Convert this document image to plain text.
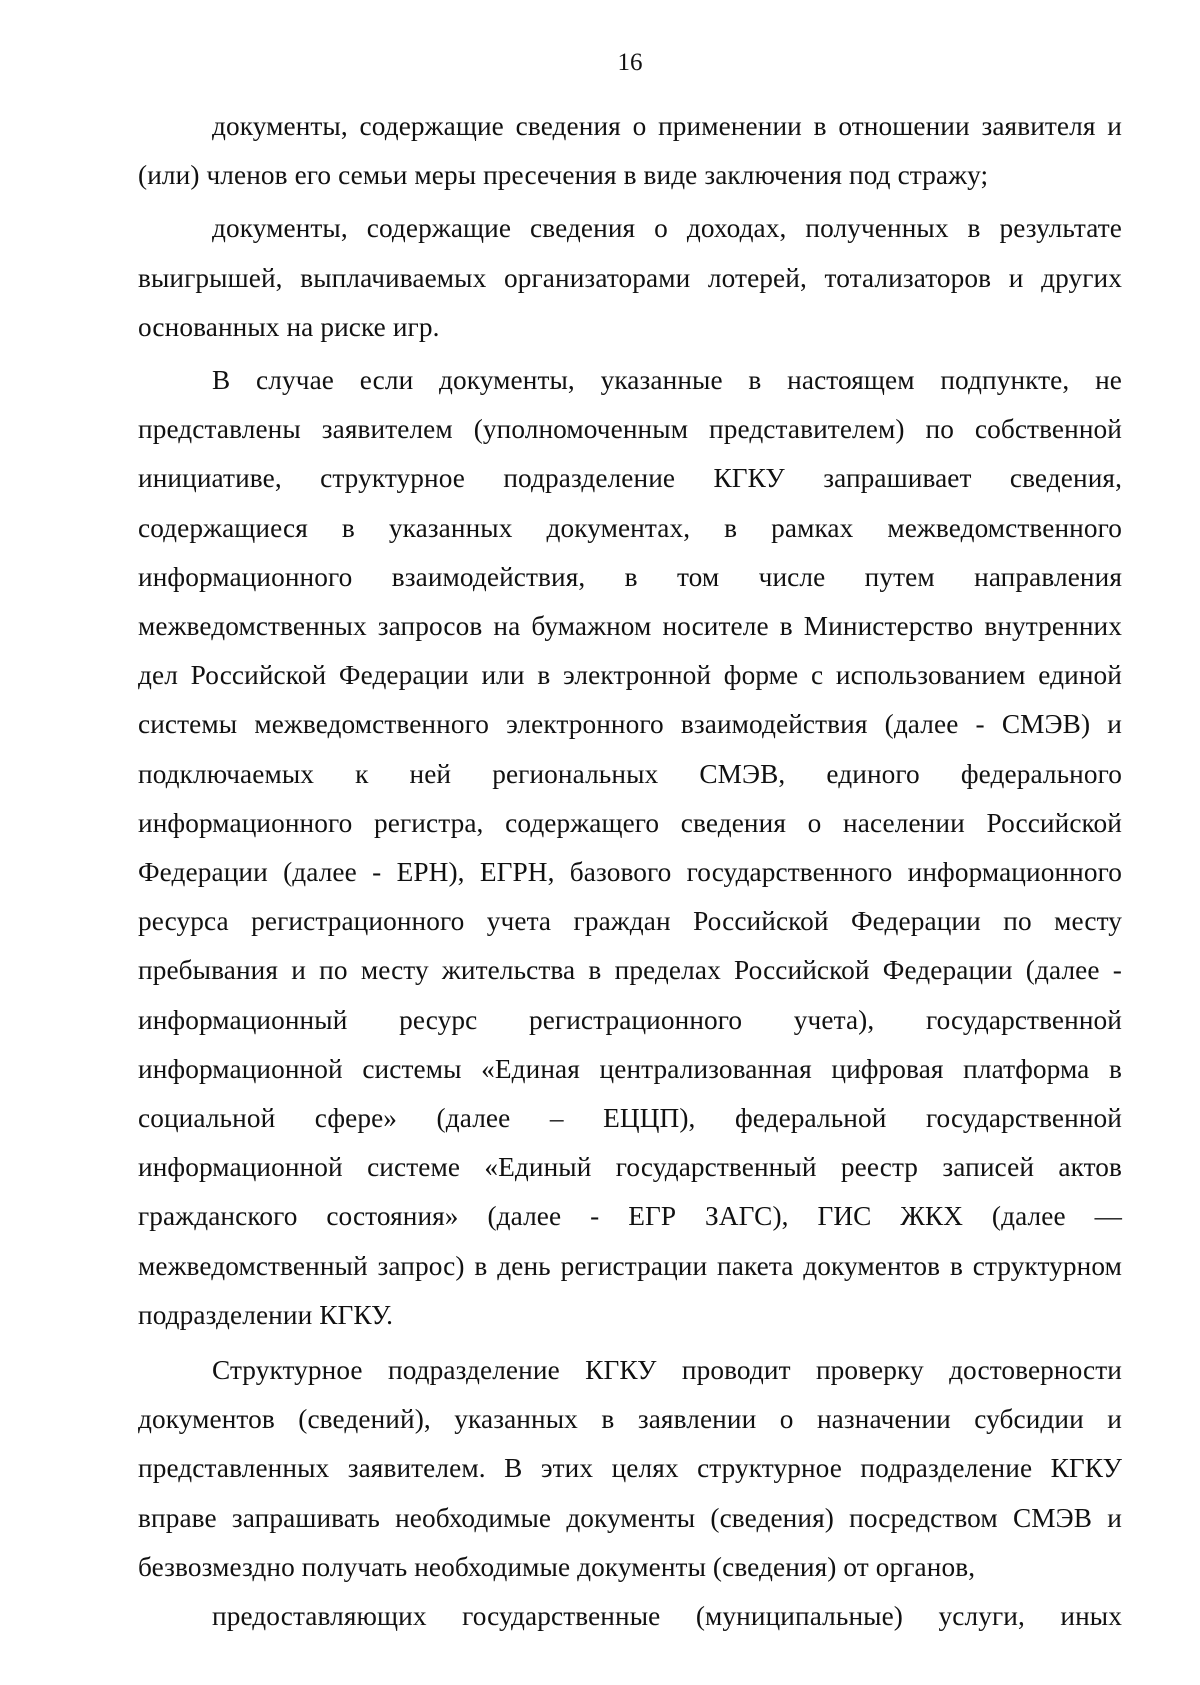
16

документы, содержащие сведения о применении в отношении заявителя и (или) членов его семьи меры пресечения в виде заключения под стражу;

документы, содержащие сведения о доходах, полученных в результате выигрышей, выплачиваемых организаторами лотерей, тотализаторов и других основанных на риске игр.

В случае если документы, указанные в настоящем подпункте, не представлены заявителем (уполномоченным представителем) по собственной инициативе, структурное подразделение КГКУ запрашивает сведения, содержащиеся в указанных документах, в рамках межведомственного информационного взаимодействия, в том числе путем направления межведомственных запросов на бумажном носителе в Министерство внутренних дел Российской Федерации или в электронной форме с использованием единой системы межведомственного электронного взаимодействия (далее - СМЭВ) и подключаемых к ней региональных СМЭВ, единого федерального информационного регистра, содержащего сведения о населении Российской Федерации (далее - ЕРН), ЕГРН, базового государственного информационного ресурса регистрационного учета граждан Российской Федерации по месту пребывания и по месту жительства в пределах Российской Федерации (далее - информационный ресурс регистрационного учета), государственной информационной системы «Единая централизованная цифровая платформа в социальной сфере» (далее – ЕЦЦП), федеральной государственной информационной системе «Единый государственный реестр записей актов гражданского состояния» (далее - ЕГР ЗАГС), ГИС ЖКХ (далее — межведомственный запрос) в день регистрации пакета документов в структурном подразделении КГКУ.

Структурное подразделение КГКУ проводит проверку достоверности документов (сведений), указанных в заявлении о назначении субсидии и представленных заявителем. В этих целях структурное подразделение КГКУ вправе запрашивать необходимые документы (сведения) посредством СМЭВ и безвозмездно получать необходимые документы (сведения) от органов,
предоставляющих государственные (муниципальные) услуги, иных
